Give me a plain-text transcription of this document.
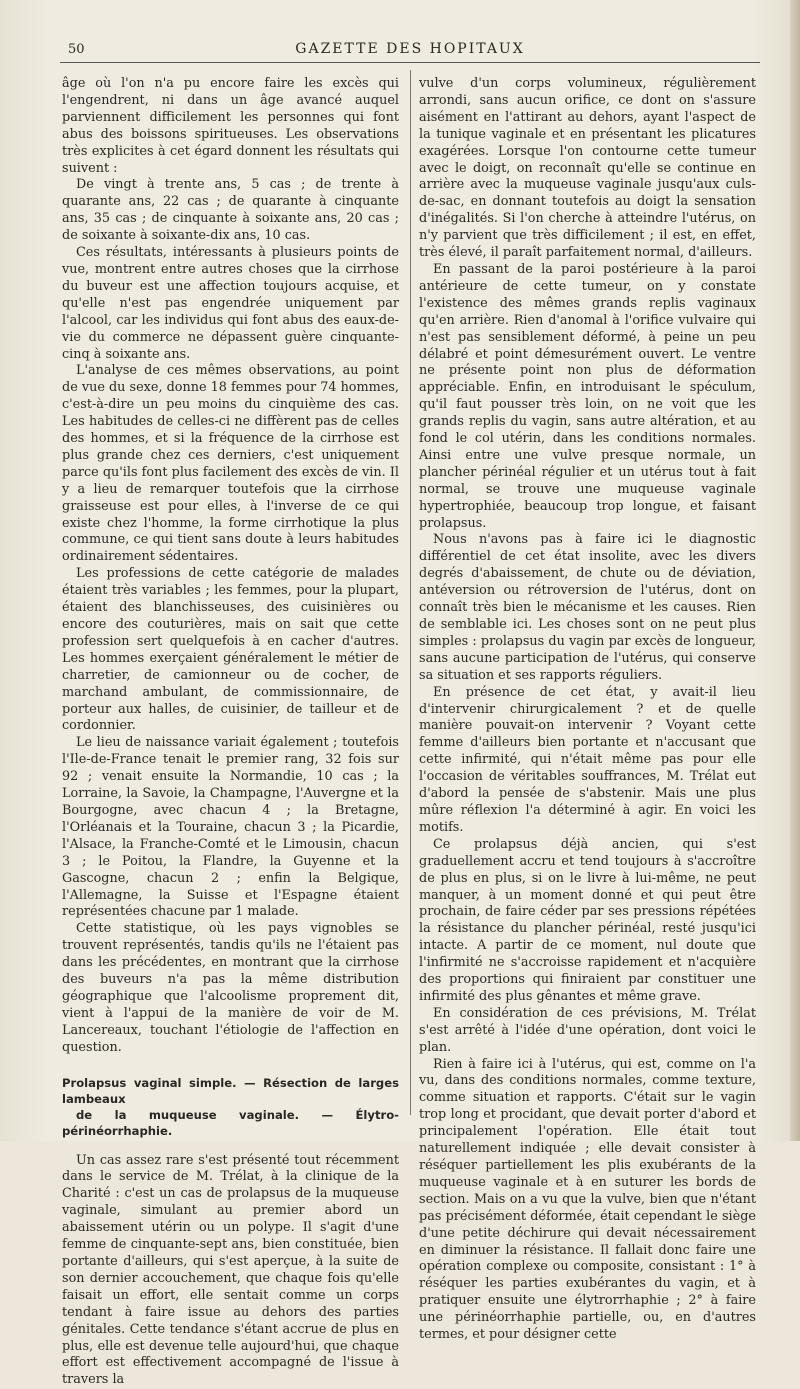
50	GAZETTE DES HOPITAUX

âge où l'on n'a pu encore faire les excès qui l'engendrent, ni dans un âge avancé auquel parviennent difficilement les personnes qui font abus des boissons spiritueuses. Les observations très explicites à cet égard donnent les résultats qui suivent :

De vingt à trente ans, 5 cas ; de trente à quarante ans, 22 cas ; de quarante à cinquante ans, 35 cas ; de cinquante à soixante ans, 20 cas ; de soixante à soixante-dix ans, 10 cas.

Ces résultats, intéressants à plusieurs points de vue, montrent entre autres choses que la cirrhose du buveur est une affection toujours acquise, et qu'elle n'est pas engendrée uniquement par l'alcool, car les individus qui font abus des eaux-de-vie du commerce ne dépassent guère cinquante-cinq à soixante ans.

L'analyse de ces mêmes observations, au point de vue du sexe, donne 18 femmes pour 74 hommes, c'est-à-dire un peu moins du cinquième des cas. Les habitudes de celles-ci ne diffèrent pas de celles des hommes, et si la fréquence de la cirrhose est plus grande chez ces derniers, c'est uniquement parce qu'ils font plus facilement des excès de vin. Il y a lieu de remarquer toutefois que la cirrhose graisseuse est pour elles, à l'inverse de ce qui existe chez l'homme, la forme cirrhotique la plus commune, ce qui tient sans doute à leurs habitudes ordinairement sédentaires.

Les professions de cette catégorie de malades étaient très variables ; les femmes, pour la plupart, étaient des blanchisseuses, des cuisinières ou encore des couturières, mais on sait que cette profession sert quelquefois à en cacher d'autres. Les hommes exerçaient généralement le métier de charretier, de camionneur ou de cocher, de marchand ambulant, de commissionnaire, de porteur aux halles, de cuisinier, de tailleur et de cordonnier.

Le lieu de naissance variait également ; toutefois l'Ile-de-France tenait le premier rang, 32 fois sur 92 ; venait ensuite la Normandie, 10 cas ; la Lorraine, la Savoie, la Champagne, l'Auvergne et la Bourgogne, avec chacun 4 ; la Bretagne, l'Orléanais et la Touraine, chacun 3 ; la Picardie, l'Alsace, la Franche-Comté et le Limousin, chacun 3 ; le Poitou, la Flandre, la Guyenne et la Gascogne, chacun 2 ; enfin la Belgique, l'Allemagne, la Suisse et l'Espagne étaient représentées chacune par 1 malade.

Cette statistique, où les pays vignobles se trouvent représentés, tandis qu'ils ne l'étaient pas dans les précédentes, en montrant que la cirrhose des buveurs n'a pas la même distribution géographique que l'alcoolisme proprement dit, vient à l'appui de la manière de voir de M. Lancereaux, touchant l'étiologie de l'affection en question.

Prolapsus vaginal simple. — Résection de larges lambeaux
de la muqueuse vaginale. — Élytro-périnéorrhaphie.

Un cas assez rare s'est présenté tout récemment dans le service de M. Trélat, à la clinique de la Charité : c'est un cas de prolapsus de la muqueuse vaginale, simulant au premier abord un abaissement utérin ou un polype. Il s'agit d'une femme de cinquante-sept ans, bien constituée, bien portante d'ailleurs, qui s'est aperçue, à la suite de son dernier accouchement, que chaque fois qu'elle faisait un effort, elle sentait comme un corps tendant à faire issue au dehors des parties génitales. Cette tendance s'étant accrue de plus en plus, elle est devenue telle aujourd'hui, que chaque effort est effectivement accompagné de l'issue à travers la

vulve d'un corps volumineux, régulièrement arrondi, sans aucun orifice, ce dont on s'assure aisément en l'attirant au dehors, ayant l'aspect de la tunique vaginale et en présentant les plicatures exagérées. Lorsque l'on contourne cette tumeur avec le doigt, on reconnaît qu'elle se continue en arrière avec la muqueuse vaginale jusqu'aux culs-de-sac, en donnant toutefois au doigt la sensation d'inégalités. Si l'on cherche à atteindre l'utérus, on n'y parvient que très difficilement ; il est, en effet, très élevé, il paraît parfaitement normal, d'ailleurs.

En passant de la paroi postérieure à la paroi antérieure de cette tumeur, on y constate l'existence des mêmes grands replis vaginaux qu'en arrière. Rien d'anomal à l'orifice vulvaire qui n'est pas sensiblement déformé, à peine un peu délabré et point démesurément ouvert. Le ventre ne présente point non plus de déformation appréciable. Enfin, en introduisant le spéculum, qu'il faut pousser très loin, on ne voit que les grands replis du vagin, sans autre altération, et au fond le col utérin, dans les conditions normales. Ainsi entre une vulve presque normale, un plancher périnéal régulier et un utérus tout à fait normal, se trouve une muqueuse vaginale hypertrophiée, beaucoup trop longue, et faisant prolapsus.

Nous n'avons pas à faire ici le diagnostic différentiel de cet état insolite, avec les divers degrés d'abaissement, de chute ou de déviation, antéversion ou rétroversion de l'utérus, dont on connaît très bien le mécanisme et les causes. Rien de semblable ici. Les choses sont on ne peut plus simples : prolapsus du vagin par excès de longueur, sans aucune participation de l'utérus, qui conserve sa situation et ses rapports réguliers.

En présence de cet état, y avait-il lieu d'intervenir chirurgicalement ? et de quelle manière pouvait-on intervenir ? Voyant cette femme d'ailleurs bien portante et n'accusant que cette infirmité, qui n'était même pas pour elle l'occasion de véritables souffrances, M. Trélat eut d'abord la pensée de s'abstenir. Mais une plus mûre réflexion l'a déterminé à agir. En voici les motifs.

Ce prolapsus déjà ancien, qui s'est graduellement accru et tend toujours à s'accroître de plus en plus, si on le livre à lui-même, ne peut manquer, à un moment donné et qui peut être prochain, de faire céder par ses pressions répétées la résistance du plancher périnéal, resté jusqu'ici intacte. A partir de ce moment, nul doute que l'infirmité ne s'accroisse rapidement et n'acquière des proportions qui finiraient par constituer une infirmité des plus gênantes et même grave.

En considération de ces prévisions, M. Trélat s'est arrêté à l'idée d'une opération, dont voici le plan.

Rien à faire ici à l'utérus, qui est, comme on l'a vu, dans des conditions normales, comme texture, comme situation et rapports. C'était sur le vagin trop long et procidant, que devait porter d'abord et principalement l'opération. Elle était tout naturellement indiquée ; elle devait consister à réséquer partiellement les plis exubérants de la muqueuse vaginale et à en suturer les bords de section. Mais on a vu que la vulve, bien que n'étant pas précisément déformée, était cependant le siège d'une petite déchirure qui devait nécessairement en diminuer la résistance. Il fallait donc faire une opération complexe ou composite, consistant : 1° à réséquer les parties exubérantes du vagin, et à pratiquer ensuite une élytrorrhaphie ; 2° à faire une périnéorrhaphie partielle, ou, en d'autres termes, et pour désigner cette
